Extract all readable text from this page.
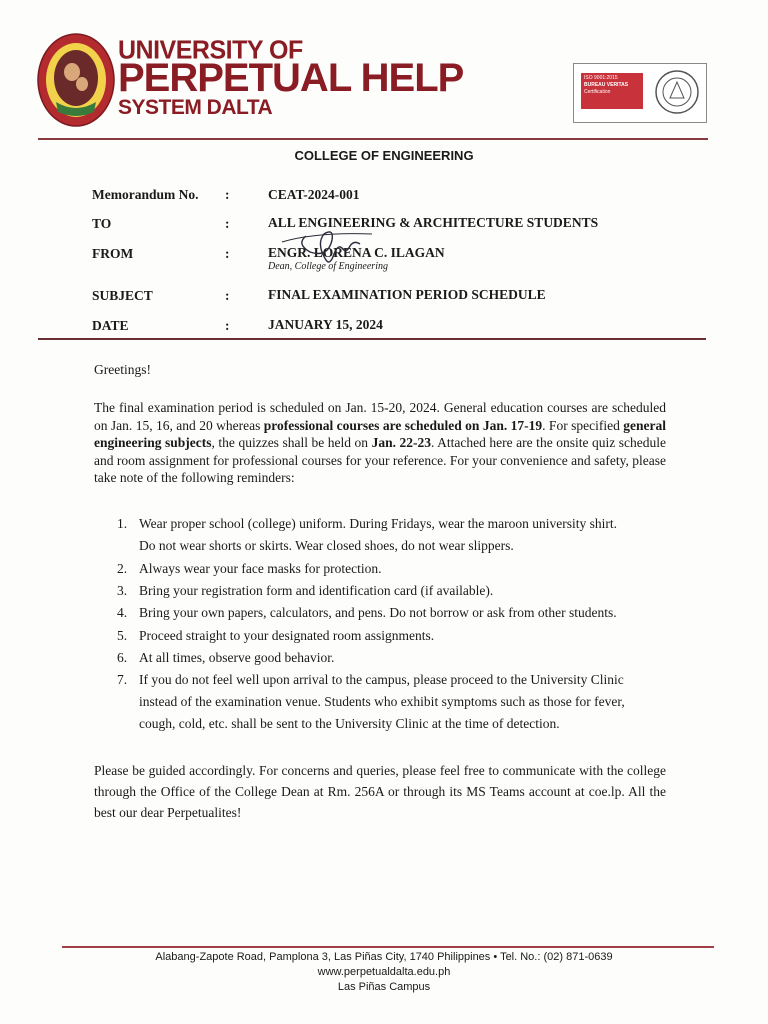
UNIVERSITY OF
PERPETUAL HELP
SYSTEM DALTA
ISO 9001:2015
BUREAU VERITAS
Certification
COLLEGE OF ENGINEERING
Memorandum No. :	CEAT-2024-001
TO	:	ALL ENGINEERING & ARCHITECTURE STUDENTS
FROM	:	ENGR. LORENA C. ILAGAN
Dean, College of Engineering
SUBJECT	:	FINAL EXAMINATION PERIOD SCHEDULE
DATE	:	JANUARY 15, 2024
Greetings!
The final examination period is scheduled on Jan. 15-20, 2024. General education courses are scheduled on Jan. 15, 16, and 20 whereas professional courses are scheduled on Jan. 17-19. For specified general engineering subjects, the quizzes shall be held on Jan. 22-23. Attached here are the onsite quiz schedule and room assignment for professional courses for your reference. For your convenience and safety, please take note of the following reminders:
1. Wear proper school (college) uniform. During Fridays, wear the maroon university shirt.
Do not wear shorts or skirts. Wear closed shoes, do not wear slippers.
2. Always wear your face masks for protection.
3. Bring your registration form and identification card (if available).
4. Bring your own papers, calculators, and pens. Do not borrow or ask from other students.
5. Proceed straight to your designated room assignments.
6. At all times, observe good behavior.
7. If you do not feel well upon arrival to the campus, please proceed to the University Clinic
instead of the examination venue. Students who exhibit symptoms such as those for fever,
cough, cold, etc. shall be sent to the University Clinic at the time of detection.
Please be guided accordingly. For concerns and queries, please feel free to communicate with the college through the Office of the College Dean at Rm. 256A or through its MS Teams account at coe.lp. All the best our dear Perpetualites!
Alabang-Zapote Road, Pamplona 3, Las Piñas City, 1740 Philippines • Tel. No.: (02) 871-0639
www.perpetualdalta.edu.ph
Las Piñas Campus
